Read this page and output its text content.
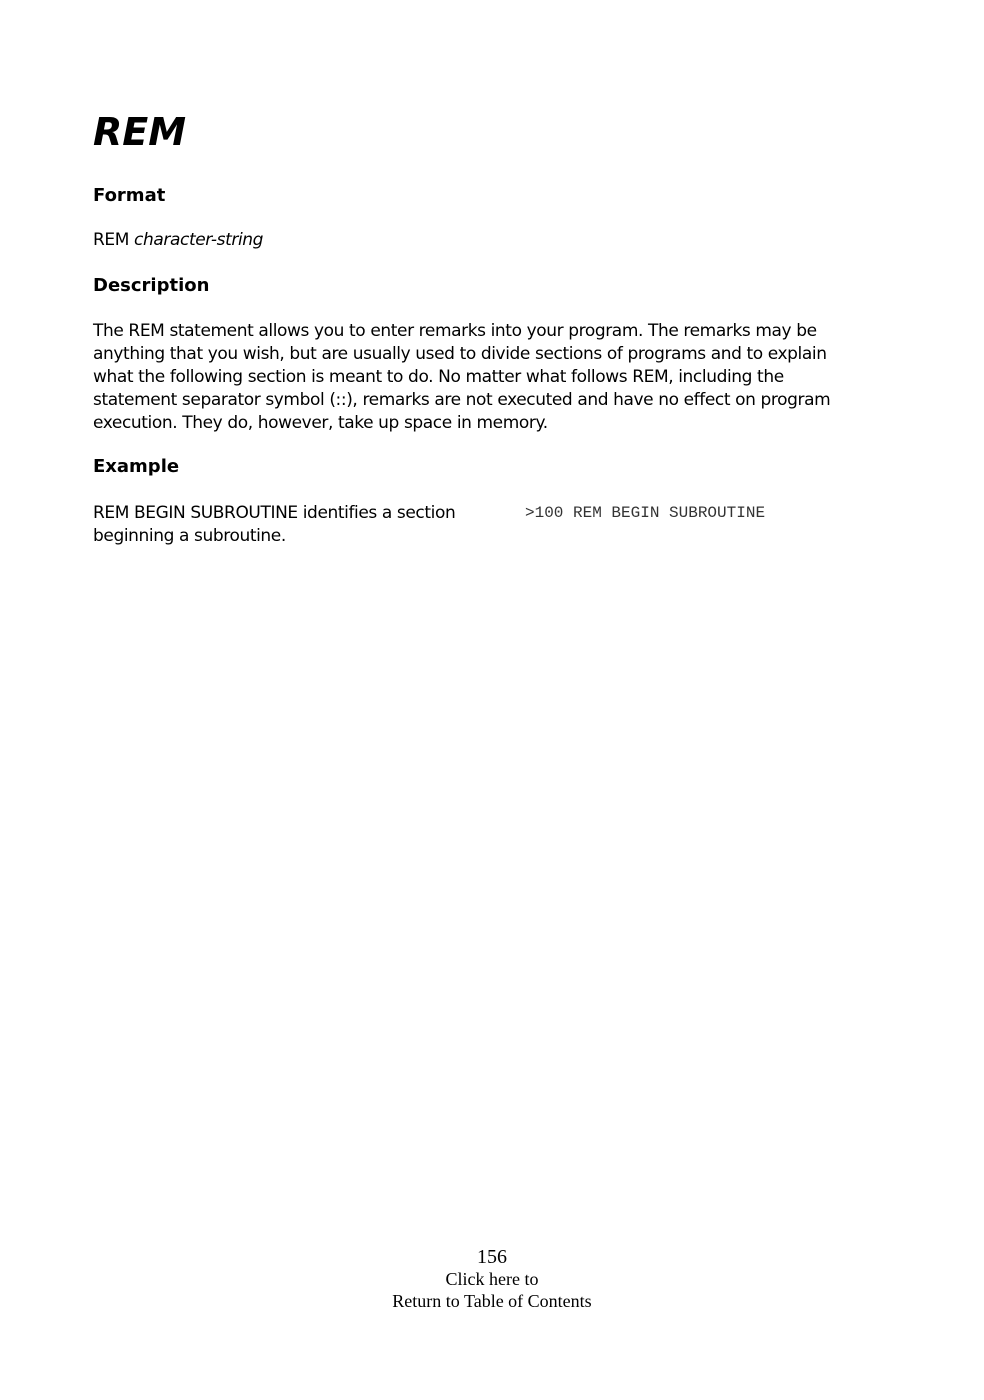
REM
Format

REM character-string

Description
The REM statement allows you to enter remarks into your program. The remarks may be
anything that you wish, but are usually used to divide sections of programs and to explain
what the following section is meant to do. No matter what follows REM, including the
statement separator symbol (::), remarks are not executed and have no effect on program
execution. They do, however, take up space in memory.
Example
REM BEGIN SUBROUTINE identifies a section
beginning a subroutine.
>100 REM BEGIN SUBROUTINE
156
Click here to
Return to Table of Contents
